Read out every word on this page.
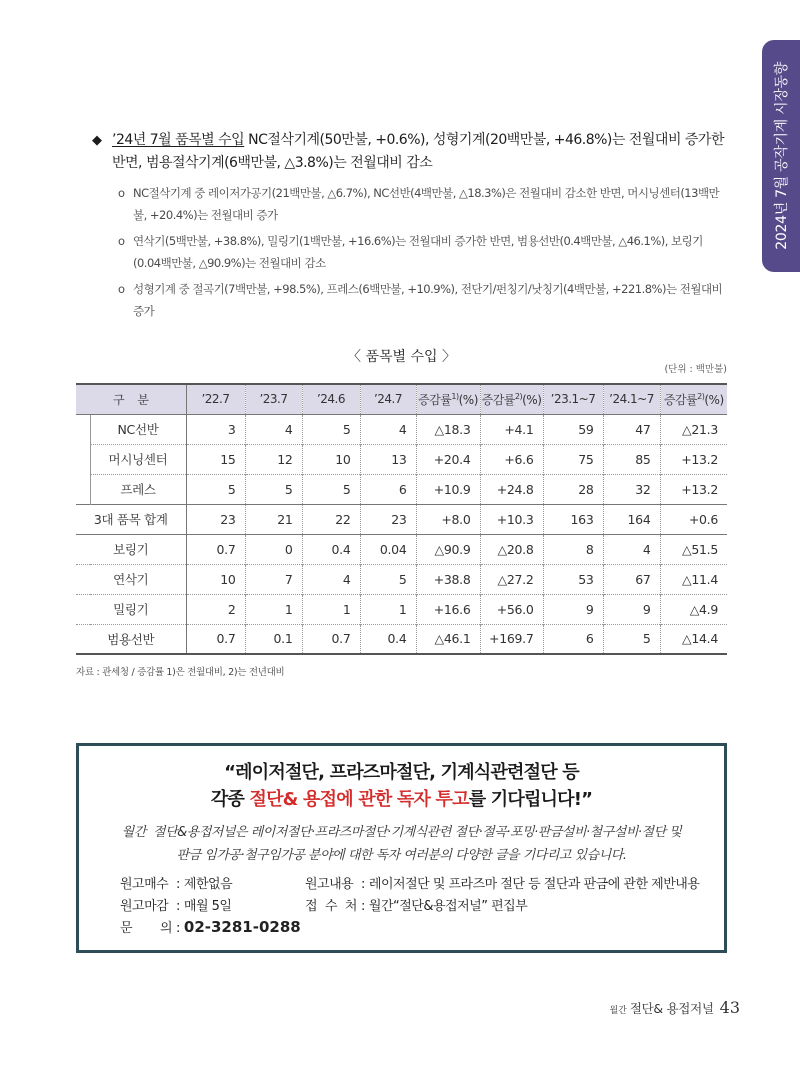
2024년 7월 공작기계 시장동향

◆ ’24년 7월 품목별 수입 NC절삭기계(50만불, +0.6%), 성형기계(20백만불, +46.8%)는 전월대비 증가한 반면, 범용절삭기계(6백만불, △3.8%)는 전월대비 감소

o NC절삭기계 중 레이저가공기(21백만불, △6.7%), NC선반(4백만불, △18.3%)은 전월대비 감소한 반면, 머시닝센터(13백만불, +20.4%)는 전월대비 증가
o 연삭기(5백만불, +38.8%), 밀링기(1백만불, +16.6%)는 전월대비 증가한 반면, 범용선반(0.4백만불, △46.1%), 보링기(0.04백만불, △90.9%)는 전월대비 감소
o 성형기계 중 절곡기(7백만불, +98.5%), 프레스(6백만불, +10.9%), 전단기/펀칭기/낫칭기(4백만불, +221.8%)는 전월대비 증가
〈 품목별 수입 〉
(단위 : 백만불)
구 분		’22.7	’23.7	’24.6	’24.7	증감률$^{1)}$(%)	증감률$^{2)}$(%)	’23.1~7	’24.1~7	증감률$^{2)}$(%)
	NC선반	3	4	5	4	△18.3	+4.1	59	47	△21.3
	머시닝센터	15	12	10	13	+20.4	+6.6	75	85	+13.2
	프레스	5	5	5	6	+10.9	+24.8	28	32	+13.2
3대 품목 합계		23	21	22	23	+8.0	+10.3	163	164	+0.6
보링기		0.7	0	0.4	0.04	△90.9	△20.8	8	4	△51.5
연삭기		10	7	4	5	+38.8	△27.2	53	67	△11.4
밀링기		2	1	1	1	+16.6	+56.0	9	9	△4.9
범용선반		0.7	0.1	0.7	0.4	△46.1	+169.7	6	5	△14.4
자료 : 관세청 / 증감률 1)은 전월대비, 2)는 전년대비
“레이저절단, 프라즈마절단, 기계식관련절단 등
각종 절단& 용접에 관한 독자 투고를 기다립니다!”
월간  절단&용접저널은 레이저절단·프라즈마절단·기계식관련 절단·절곡·포밍·판금설비·철구설비·절단 및
판금 임가공·철구임가공 분야에 대한 독자 여러분의 다양한 글을 기다리고 있습니다.
원고매수 : 제한없음
원고마감 : 매월 5일
문 의 : 02-3281-0288
원고내용 : 레이저절단 및 프라즈마 절단 등 절단과 판금에 관한 제반내용
접 수 처 : 월간“절단&용접저널” 편집부
월간 절단& 용접저널 43
